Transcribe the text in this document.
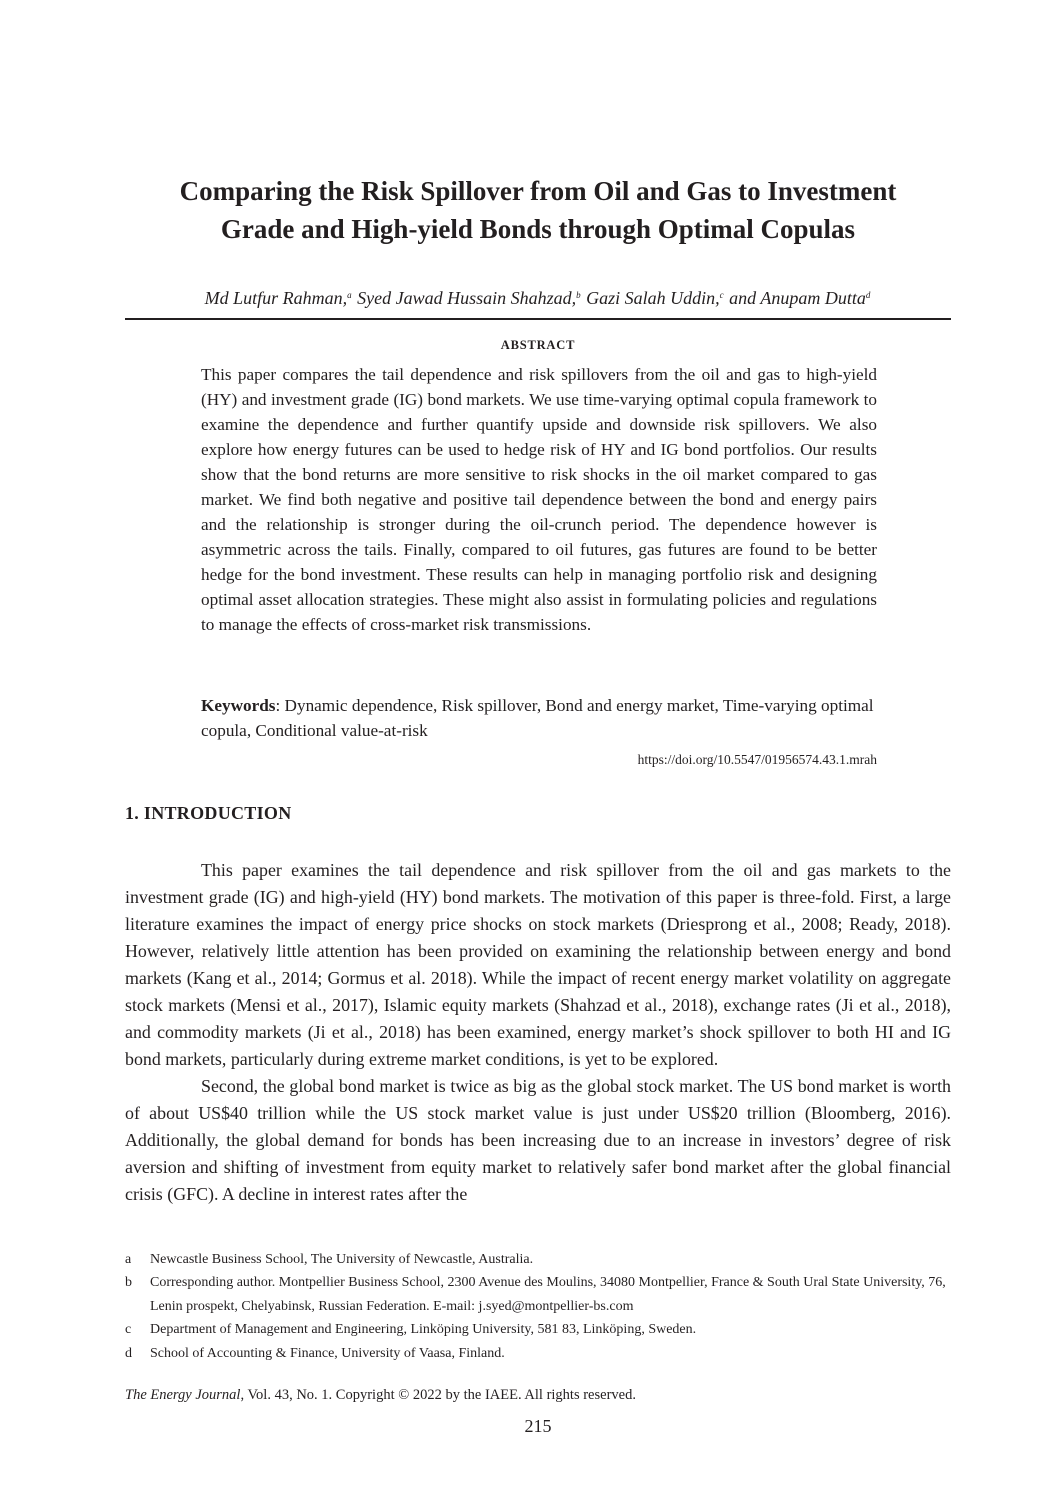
Comparing the Risk Spillover from Oil and Gas to Investment
Grade and High-yield Bonds through Optimal Copulas
Md Lutfur Rahman,$^a$ Syed Jawad Hussain Shahzad,$^b$ Gazi Salah Uddin,$^c$ and Anupam Dutta$^d$
ABSTRACT

This paper compares the tail dependence and risk spillovers from the oil and gas to high-yield (HY) and investment grade (IG) bond markets. We use time-varying optimal copula framework to examine the dependence and further quantify upside and downside risk spillovers. We also explore how energy futures can be used to hedge risk of HY and IG bond portfolios. Our results show that the bond returns are more sensitive to risk shocks in the oil market compared to gas market. We find both negative and positive tail dependence between the bond and energy pairs and the relationship is stronger during the oil-crunch period. The dependence however is asymmetric across the tails. Finally, compared to oil futures, gas futures are found to be better hedge for the bond investment. These results can help in managing portfolio risk and designing optimal asset allocation strategies. These might also assist in formulating policies and regulations to manage the effects of cross-market risk transmissions.

Keywords: Dynamic dependence, Risk spillover, Bond and energy market, Time-varying optimal copula, Conditional value-at-risk

https://doi.org/10.5547/01956574.43.1.mrah
1. INTRODUCTION

This paper examines the tail dependence and risk spillover from the oil and gas markets to the investment grade (IG) and high-yield (HY) bond markets. The motivation of this paper is three-fold. First, a large literature examines the impact of energy price shocks on stock markets (Driesprong et al., 2008; Ready, 2018). However, relatively little attention has been provided on examining the relationship between energy and bond markets (Kang et al., 2014; Gormus et al. 2018). While the impact of recent energy market volatility on aggregate stock markets (Mensi et al., 2017), Islamic equity markets (Shahzad et al., 2018), exchange rates (Ji et al., 2018), and commodity markets (Ji et al., 2018) has been examined, energy market’s shock spillover to both HI and IG bond markets, particularly during extreme market conditions, is yet to be explored.

Second, the global bond market is twice as big as the global stock market. The US bond market is worth of about US$40 trillion while the US stock market value is just under US$20 trillion (Bloomberg, 2016). Additionally, the global demand for bonds has been increasing due to an increase in investors’ degree of risk aversion and shifting of investment from equity market to relatively safer bond market after the global financial crisis (GFC). A decline in interest rates after the

a	Newcastle Business School, The University of Newcastle, Australia.
b	Corresponding author. Montpellier Business School, 2300 Avenue des Moulins, 34080 Montpellier, France & South Ural State University, 76, Lenin prospekt, Chelyabinsk, Russian Federation. E-mail: j.syed@montpellier-bs.com
c	Department of Management and Engineering, Linköping University, 581 83, Linköping, Sweden.
d	School of Accounting & Finance, University of Vaasa, Finland.
The Energy Journal, Vol. 43, No. 1. Copyright © 2022 by the IAEE. All rights reserved.
215
